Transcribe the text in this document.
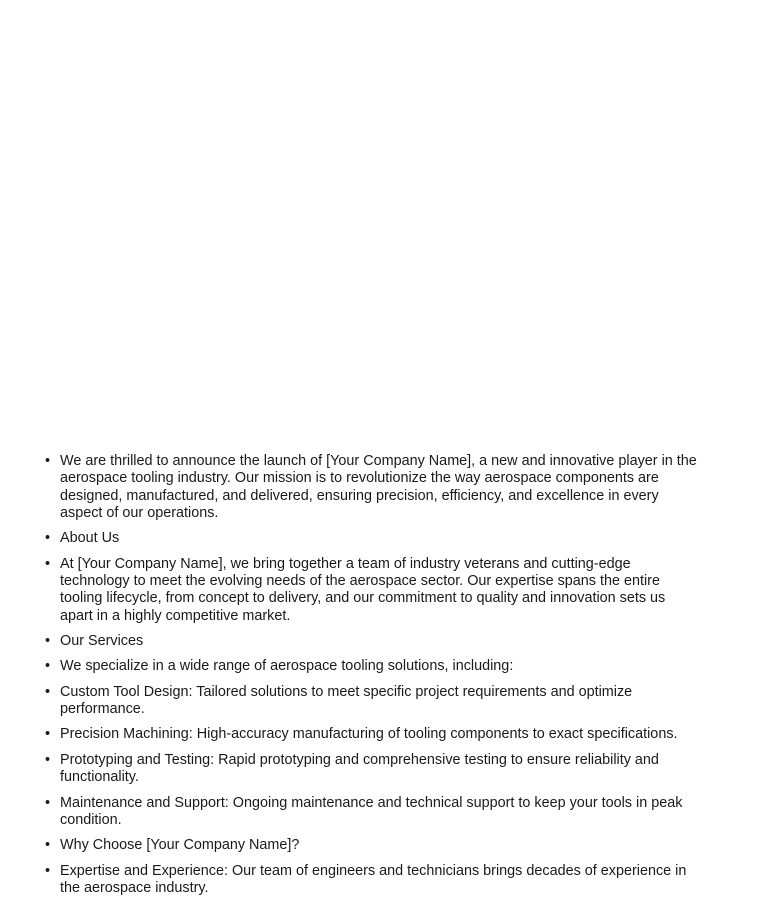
• We are thrilled to announce the launch of [Your Company Name], a new and innovative player in the aerospace tooling industry. Our mission is to revolutionize the way aerospace components are designed, manufactured, and delivered, ensuring precision, efficiency, and excellence in every aspect of our operations.
• About Us
• At [Your Company Name], we bring together a team of industry veterans and cutting-edge technology to meet the evolving needs of the aerospace sector. Our expertise spans the entire tooling lifecycle, from concept to delivery, and our commitment to quality and innovation sets us apart in a highly competitive market.
• Our Services
• We specialize in a wide range of aerospace tooling solutions, including:
• Custom Tool Design: Tailored solutions to meet specific project requirements and optimize performance.
• Precision Machining: High-accuracy manufacturing of tooling components to exact specifications.
• Prototyping and Testing: Rapid prototyping and comprehensive testing to ensure reliability and functionality.
• Maintenance and Support: Ongoing maintenance and technical support to keep your tools in peak condition.
• Why Choose [Your Company Name]?
• Expertise and Experience: Our team of engineers and technicians brings decades of experience in the aerospace industry.
